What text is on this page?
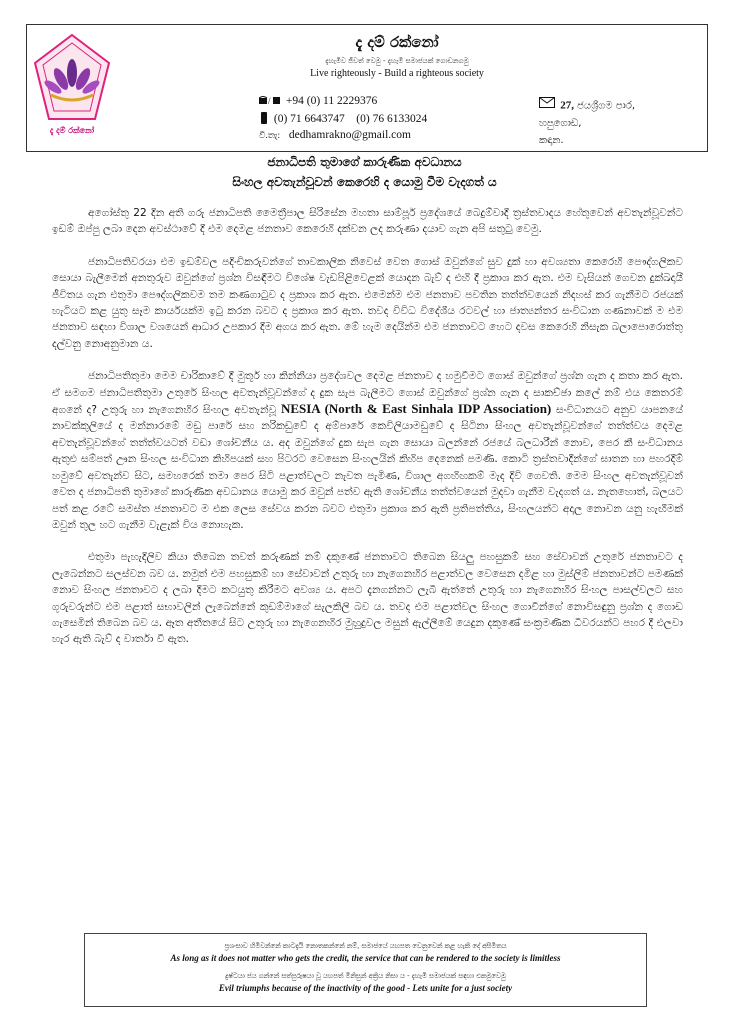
දැ දම් රක්නෝ
දැ දම් රක්නෝ
දැහැමිව ජීවත් වෙමු - දැහැමි සමාජයක් ගොඩනගමු
Live righteously - Build a righteous society
/ +94 (0) 11 2229376
(0) 71 6643747 (0) 76 6133024
වි.තැ: dedhamrakno@gmail.com
27, ජයශ්‍රීගම පාර,
හපුගොඩ,
කඳාන.
ජනාධිපති තුමාගේ කාරුණික අවධානය
සිංහල අවතැන්වූවන් කෙරෙහි ද යොමු වීම වැදගත් ය

අගෝස්තු 22 දින අති ගරු ජනාධිපති මෛත්‍රීපාල සිරිසේන මහතා සාම්පූර් ප්‍රදේශයේ බෙදුම්වාදී ත්‍රස්තවාදය හේතුවෙන් අවතැන්වූවන්ට ඉඩම් ඔප්පු ලබා දෙන අවස්ථාවේ දී එම දෙමළ ජනතාව කෙරෙහි දක්වන ලද කරුණා දයාව ගැන අපි සතුටු වෙමු.

ජනාධිපතිවරයා එම ඉඩම්වල පදිංචිකරුවන්ගේ තාවකාලික නිවෙස් වෙත ගොස් ඔවුන්ගේ සුව දුක් හා අවශ්‍යතා කෙරෙහි පෞද්ගලිකව සොයා බැලීමෙන් අනතුරුව ඔවුන්ගේ ප්‍රශ්න විසඳීමට විශේෂ වැඩපිළිවෙළක් යොදන බැව් ද එහි දී ප්‍රකාශ කර ඇත. එම වැසියන් ගෙවන දුක්ඛදායී ජීවිතය ගැන එතුමා පෞද්ගලිකවම තම කණගාටුව ද ප්‍රකාශ කර ඇත. එමෙන්ම එම ජනතාව පවතින තත්ත්වයෙන් නිදහස් කර ගැනීමට රජයක් හැටියට කළ යුතු සෑම කාර්යයක්ම ඉටු කරන බවට ද ප්‍රකාශ කර ඇත. තවද විවිධ විදේශීය රටවල් හා ජාත්‍යන්තර සංවිධාන ගණනාවක් ම එම ජනතාව සඳහා විශාල වශයෙන් ආධාර උපකාර දීම අගය කර ඇත. මේ හැම දෙයින්ම එම ජනතාවට හෙට දවස කෙරෙහි නිසැක බලාපොරොත්තු දල්වනු නොඅනුමාන ය.

ජනාධිපතිතුමා මෙම චාරිකාවේ දී මුතූර් හා කින්නියා ප්‍රදේශවල දෙමළ ජනතාව ද හමුවීමට ගොස් ඔවුන්ගේ ප්‍රශ්න ගැන ද කතා කර ඇත. ඒ සමගම ජනාධිපතිතුමා උතුරේ සිංහල අවතැන්වූවන්ගේ ද දුක සැප බැලීමට ගොස් ඔවුන්ගේ ප්‍රශ්න ගැන ද සාකච්ඡා කලේ නම් එය කෙතරම් අගනේ ද? උතුරු හා නැගෙනහිර සිංහල අවතැන්වූ NESIA (North & East Sinhala IDP Association) සංවිධානයට අනුව යාපනයේ නාවක්කුලියේ ද මන්නාරමේ මඩු පාරේ සහ නරිකඩුවේ ද අම්පාරේ කෙවිලියාමඩුවේ ද සිටිනා සිංහල අවතැන්වූවන්ගේ තත්ත්වය දෙමළ අවතැන්වූවන්ගේ තත්ත්වයටත් වඩා ශෝචනීය ය. අද ඔවුන්ගේ දුක සැප ගැන සොයා බලන්නේ රජයේ බලධාරීන් නොව, පෙර කී සංවිධානය ඇතුළු සම්පත් ඌන සිංහල සංවිධාන කිහිපයක් සහ පිටරට වෙසෙන සිංහලයින් කිහිප දෙනෙක් පමණි. කොටි ත්‍රස්තවාදීන්ගේ ඝාතන හා පහරදීම් හමුවේ අවතැන්ව සිට, සමහරෙක් තමා පෙර සිටි පළාත්වලට නැවත පැමිණ, විශාල අගහිඟකම් මැද දිවි ගෙවති. මෙම සිංහල අවතැන්වූවන් වෙත ද ජනාධිපති තුමාගේ කාරුණික අවධානය යොමු කර ඔවුන් පත්ව ඇති ශෝචනීය තත්ත්වයෙන් මුදවා ගැනීම වැදගත් ය. නැතහොත්, බලයට පත් කළ රටේ සමස්ත ජනතාවට ම එක ලෙස සේවය කරන බවට එතුමා ප්‍රකාශ කර ඇති ප්‍රතිපත්තිය, සිංහලයන්ට අදාල නොවන යනු හැඟීමක් ඔවුන් තුල හට ගැනීම වැළැක් විය නොහැක.

එතුමා පැහැදිලිව කියා තිබෙන තවත් කරුණක් නම් දකුණේ ජනතාවට තිබෙන සියලු පහසුකම් සහ සේවාවන් උතුරේ ජනතාවට ද ලැබෙන්නට සලස්වන බව ය. නමුත් එම පහසුකම් හා සේවාවන් උතුරු හා නැගෙනහිර පළාත්වල වෙසෙන දමිළ හා මුස්ලිම් ජනතාවන්ට පමණක් නොව සිංහල ජනතාවට ද ලබා දීමට කටයුතු කිරීමට අවශ්‍ය ය. අපට දැනගන්නට ලැබී ඇත්තේ උතුරු හා නැගෙනහිර සිංහල පාසල්වලට සහ ගුරුවරුන්ට එම පළාත් සභාවලින් ලැබෙන්නේ කුඩම්මාගේ සැලකිලි බව ය. තවද එම පළාත්වල සිංහල ගොවීන්ගේ නොවිසඳුනු ප්‍රශ්න ද ගොඩ ගැසෙමින් තිබෙන බව ය. ඈත අතීතයේ සිට උතුරු හා නැගෙනහිර මුහුදුවල මසුන් ඇල්ලීමේ යෙදුන දකුණේ සංක්‍රමණික ධීවරයන්ට පහර දී එලවා හැර ඇති බැව් ද වාර්තා වී ඇත.

ප්‍රශංසාව හිමිවන්නේ කාටදැයි නොතකන්නේ නම්, සමාජයේ යහපත වෙනුවෙන් කළ හැකි දේ අසීමිතය
As long as it does not matter who gets the credit, the service that can be rendered to the society is limitless
දුෂ්ටයා ජය ගන්නේ සත්පුරුෂයා වූ යහපත් මිනිසුන් අක්‍රිය නිසා ය - දැහැමි සමාජයක් සඳහා එකමුවෙමු
Evil triumphs because of the inactivity of the good - Lets unite for a just society
